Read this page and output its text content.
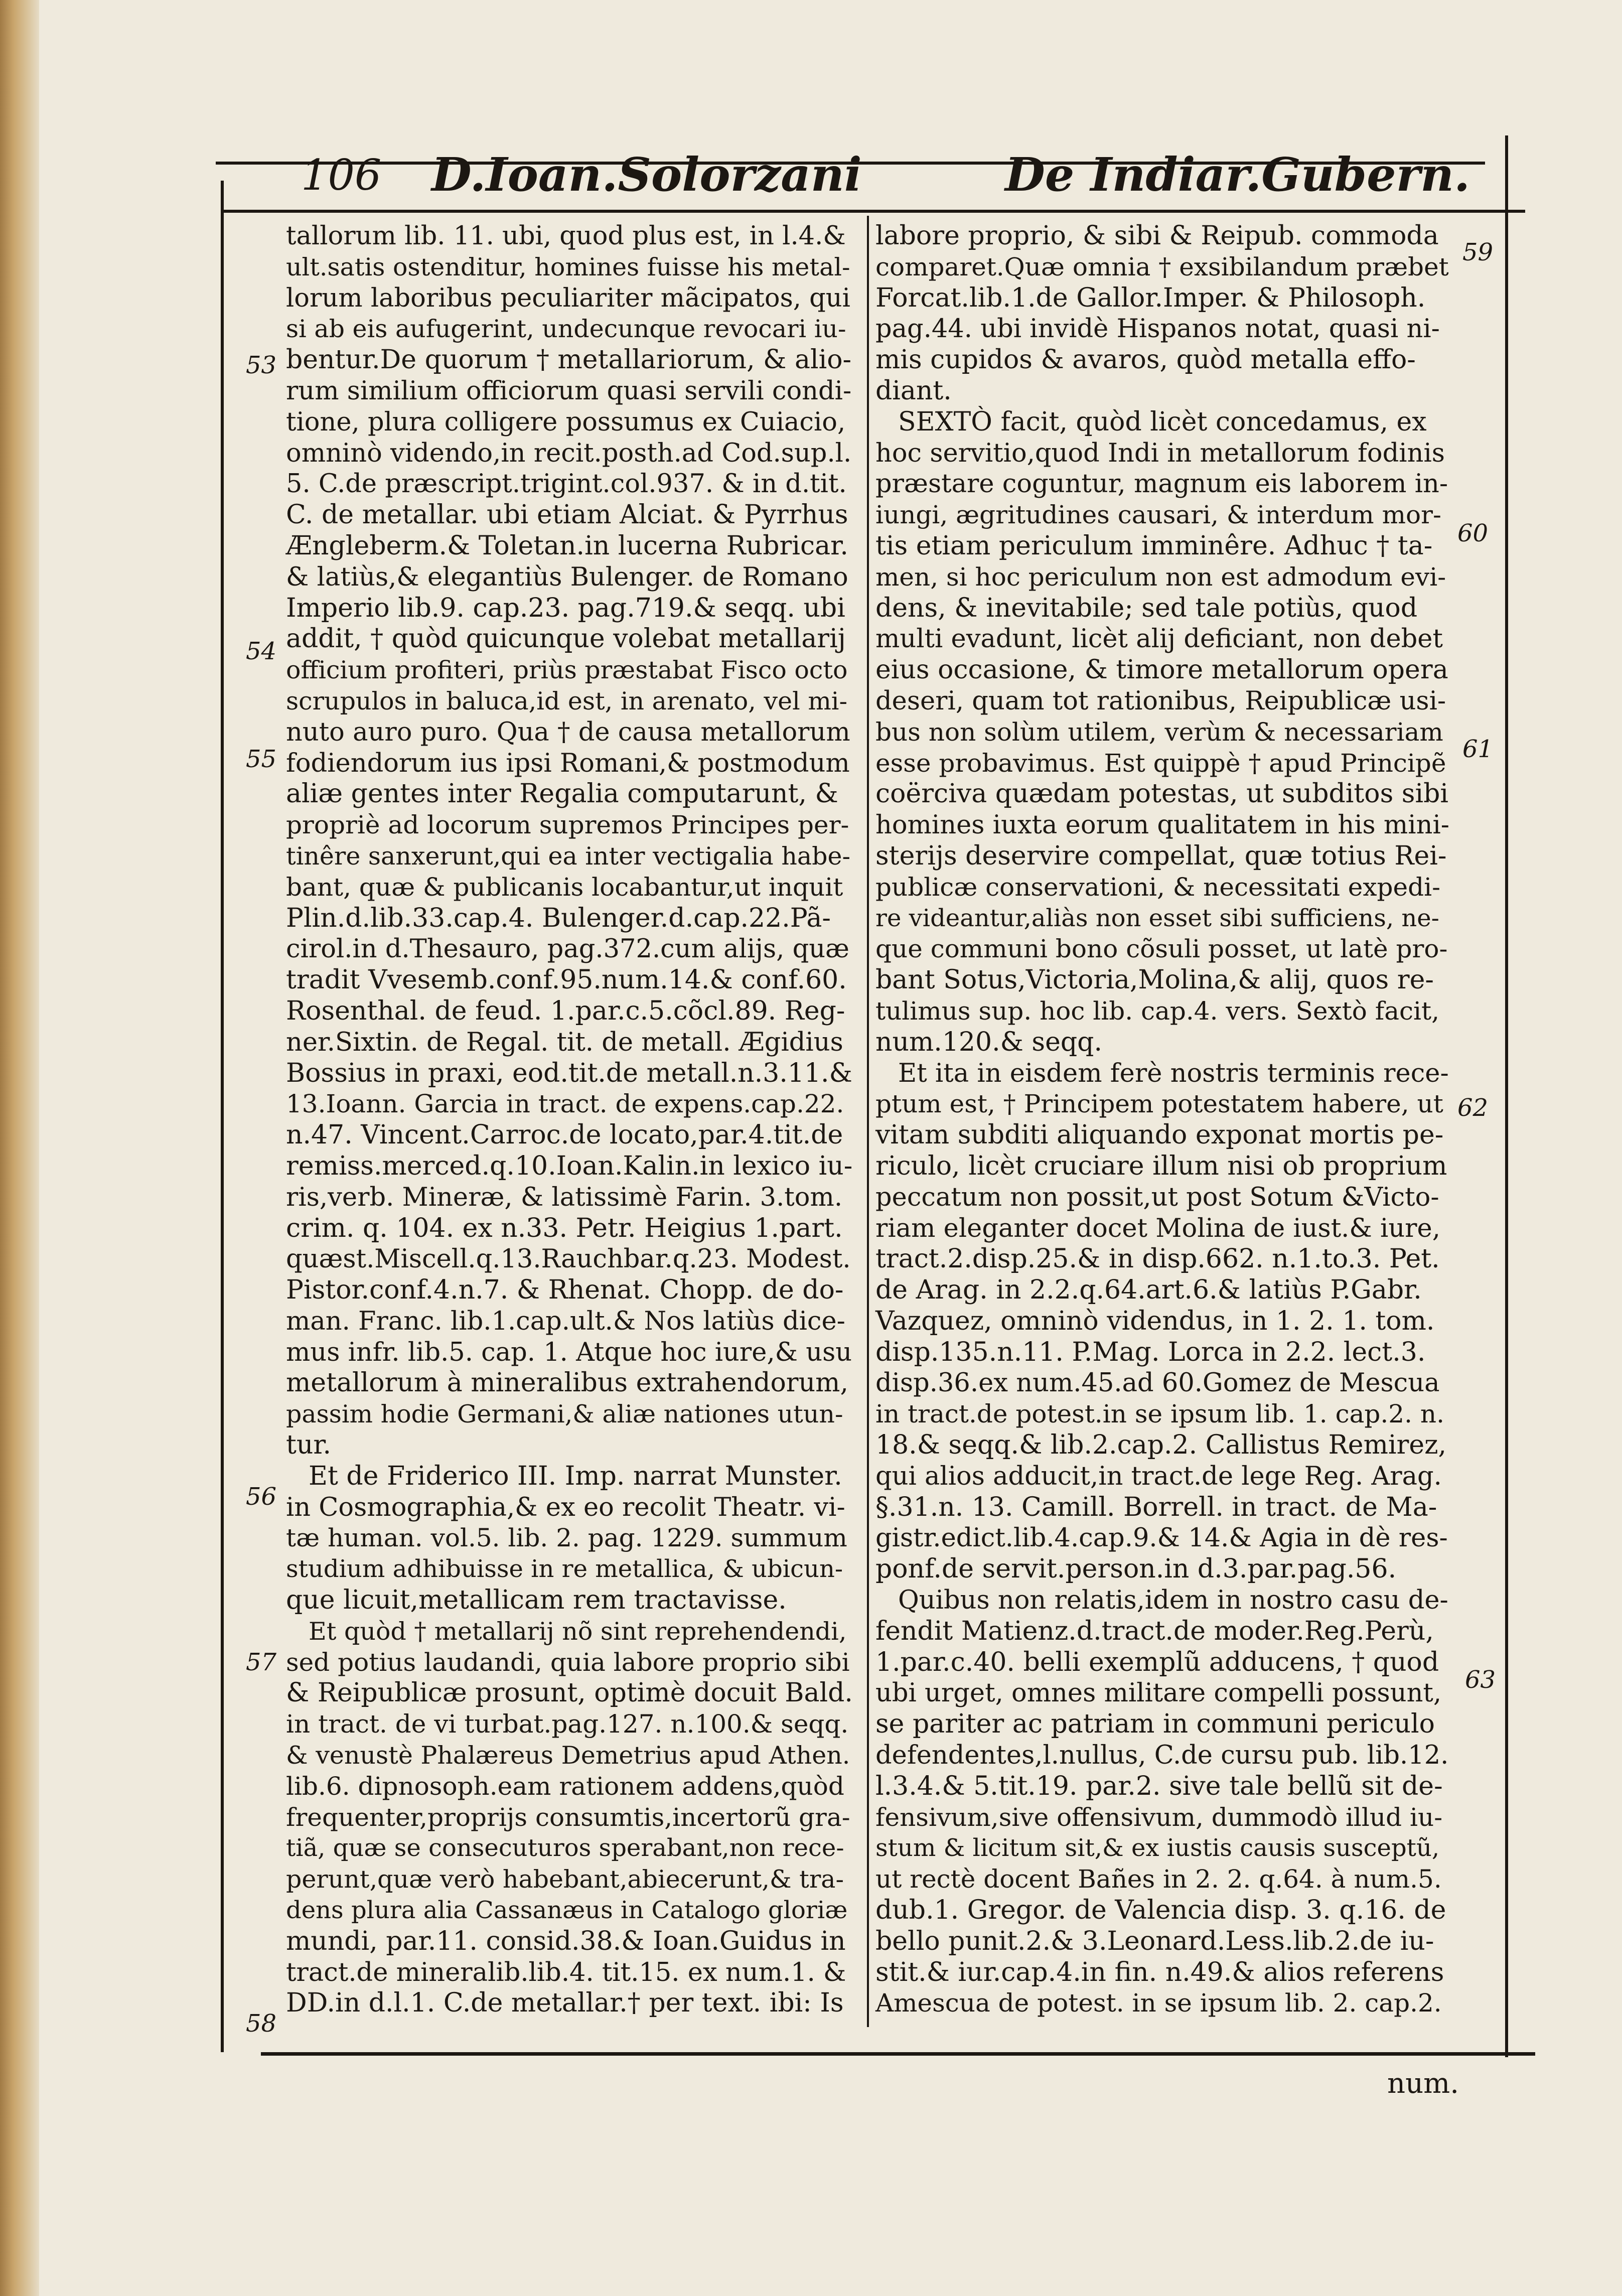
106 D.Ioan.Solorzani	De Indiar.Gubern.
tallorum lib. 11. ubi, quod plus est, in l.4.&
ult.satis ostenditur, homines fuisse his metal-
lorum laboribus peculiariter mãcipatos, qui
si ab eis aufugerint, undecunque revocari iu-
bentur.De quorum † metallariorum, & alio-
rum similium officiorum quasi servili condi-
tione, plura colligere possumus ex Cuiacio,
omninò videndo,in recit.posth.ad Cod.sup.l.
5. C.de præscript.trigint.col.937. & in d.tit.
C. de metallar. ubi etiam Alciat. & Pyrrhus
Ængleberm.& Toletan.in lucerna Rubricar.
& latiùs,& elegantiùs Bulenger. de Romano
Imperio lib.9. cap.23. pag.719.& seqq. ubi
addit, † quòd quicunque volebat metallarij
officium profiteri, priùs præstabat Fisco octo
scrupulos in baluca,id est, in arenato, vel mi-
nuto auro puro. Qua † de causa metallorum
fodiendorum ius ipsi Romani,& postmodum
aliæ gentes inter Regalia computarunt, &
propriè ad locorum supremos Principes per-
tinêre sanxerunt,qui ea inter vectigalia habe-
bant, quæ & publicanis locabantur,ut inquit
Plin.d.lib.33.cap.4. Bulenger.d.cap.22.Pã-
cirol.in d.Thesauro, pag.372.cum alijs, quæ
tradit Vvesemb.conf.95.num.14.& conf.60.
Rosenthal. de feud. 1.par.c.5.cõcl.89. Reg-
ner.Sixtin. de Regal. tit. de metall. Ægidius
Bossius in praxi, eod.tit.de metall.n.3.11.&
13.Ioann. Garcia in tract. de expens.cap.22.
n.47. Vincent.Carroc.de locato,par.4.tit.de
remiss.merced.q.10.Ioan.Kalin.in lexico iu-
ris,verb. Mineræ, & latissimè Farin. 3.tom.
crim. q. 104. ex n.33. Petr. Heigius 1.part.
quæst.Miscell.q.13.Rauchbar.q.23. Modest.
Pistor.conf.4.n.7. & Rhenat. Chopp. de do-
man. Franc. lib.1.cap.ult.& Nos latiùs dice-
mus infr. lib.5. cap. 1. Atque hoc iure,& usu
metallorum à mineralibus extrahendorum,
passim hodie Germani,& aliæ nationes utun-
tur.
Et de Friderico III. Imp. narrat Munster.
in Cosmographia,& ex eo recolit Theatr. vi-
tæ human. vol.5. lib. 2. pag. 1229. summum
studium adhibuisse in re metallica, & ubicun-
que licuit,metallicam rem tractavisse.
Et quòd † metallarij nõ sint reprehendendi,
sed potius laudandi, quia labore proprio sibi
& Reipublicæ prosunt, optimè docuit Bald.
in tract. de vi turbat.pag.127. n.100.& seqq.
& venustè Phalæreus Demetrius apud Athen.
lib.6. dipnosoph.eam rationem addens,quòd
frequenter,proprijs consumtis,incertorũ gra-
tiã, quæ se consecuturos sperabant,non rece-
perunt,quæ verò habebant,abiecerunt,& tra-
dens plura alia Cassanæus in Catalogo gloriæ
mundi, par.11. consid.38.& Ioan.Guidus in
tract.de mineralib.lib.4. tit.15. ex num.1. &
DD.in d.l.1. C.de metallar.† per text. ibi: Is
labore proprio, & sibi & Reipub. commoda
comparet.Quæ omnia † exsibilandum præbet
Forcat.lib.1.de Gallor.Imper. & Philosoph.
pag.44. ubi invidè Hispanos notat, quasi ni-
mis cupidos & avaros, quòd metalla effo-
diant.
SEXTÒ facit, quòd licèt concedamus, ex
hoc servitio,quod Indi in metallorum fodinis
præstare coguntur, magnum eis laborem in-
iungi, ægritudines causari, & interdum mor-
tis etiam periculum imminêre. Adhuc † ta-
men, si hoc periculum non est admodum evi-
dens, & inevitabile; sed tale potiùs, quod
multi evadunt, licèt alij deficiant, non debet
eius occasione, & timore metallorum opera
deseri, quam tot rationibus, Reipublicæ usi-
bus non solùm utilem, verùm & necessariam
esse probavimus. Est quippè † apud Principẽ
coërciva quædam potestas, ut subditos sibi
homines iuxta eorum qualitatem in his mini-
sterijs deservire compellat, quæ totius Rei-
publicæ conservationi, & necessitati expedi-
re videantur,aliàs non esset sibi sufficiens, ne-
que communi bono cõsuli posset, ut latè pro-
bant Sotus,Victoria,Molina,& alij, quos re-
tulimus sup. hoc lib. cap.4. vers. Sextò facit,
num.120.& seqq.
Et ita in eisdem ferè nostris terminis rece-
ptum est, † Principem potestatem habere, ut
vitam subditi aliquando exponat mortis pe-
riculo, licèt cruciare illum nisi ob proprium
peccatum non possit,ut post Sotum &Victo-
riam eleganter docet Molina de iust.& iure,
tract.2.disp.25.& in disp.662. n.1.to.3. Pet.
de Arag. in 2.2.q.64.art.6.& latiùs P.Gabr.
Vazquez, omninò videndus, in 1. 2. 1. tom.
disp.135.n.11. P.Mag. Lorca in 2.2. lect.3.
disp.36.ex num.45.ad 60.Gomez de Mescua
in tract.de potest.in se ipsum lib. 1. cap.2. n.
18.& seqq.& lib.2.cap.2. Callistus Remirez,
qui alios adducit,in tract.de lege Reg. Arag.
§.31.n. 13. Camill. Borrell. in tract. de Ma-
gistr.edict.lib.4.cap.9.& 14.& Agia in dè res-
ponf.de servit.person.in d.3.par.pag.56.
Quibus non relatis,idem in nostro casu de-
fendit Matienz.d.tract.de moder.Reg.Perù,
1.par.c.40. belli exemplũ adducens, † quod
ubi urget, omnes militare compelli possunt,
se pariter ac patriam in communi periculo
defendentes,l.nullus, C.de cursu pub. lib.12.
l.3.4.& 5.tit.19. par.2. sive tale bellũ sit de-
fensivum,sive offensivum, dummodò illud iu-
stum & licitum sit,& ex iustis causis susceptũ,
ut rectè docent Bañes in 2. 2. q.64. à num.5.
dub.1. Gregor. de Valencia disp. 3. q.16. de
bello punit.2.& 3.Leonard.Less.lib.2.de iu-
stit.& iur.cap.4.in fin. n.49.& alios referens
Amescua de potest. in se ipsum lib. 2. cap.2.
53
54
55
56
57
58
59
60
61
62
63
num.
